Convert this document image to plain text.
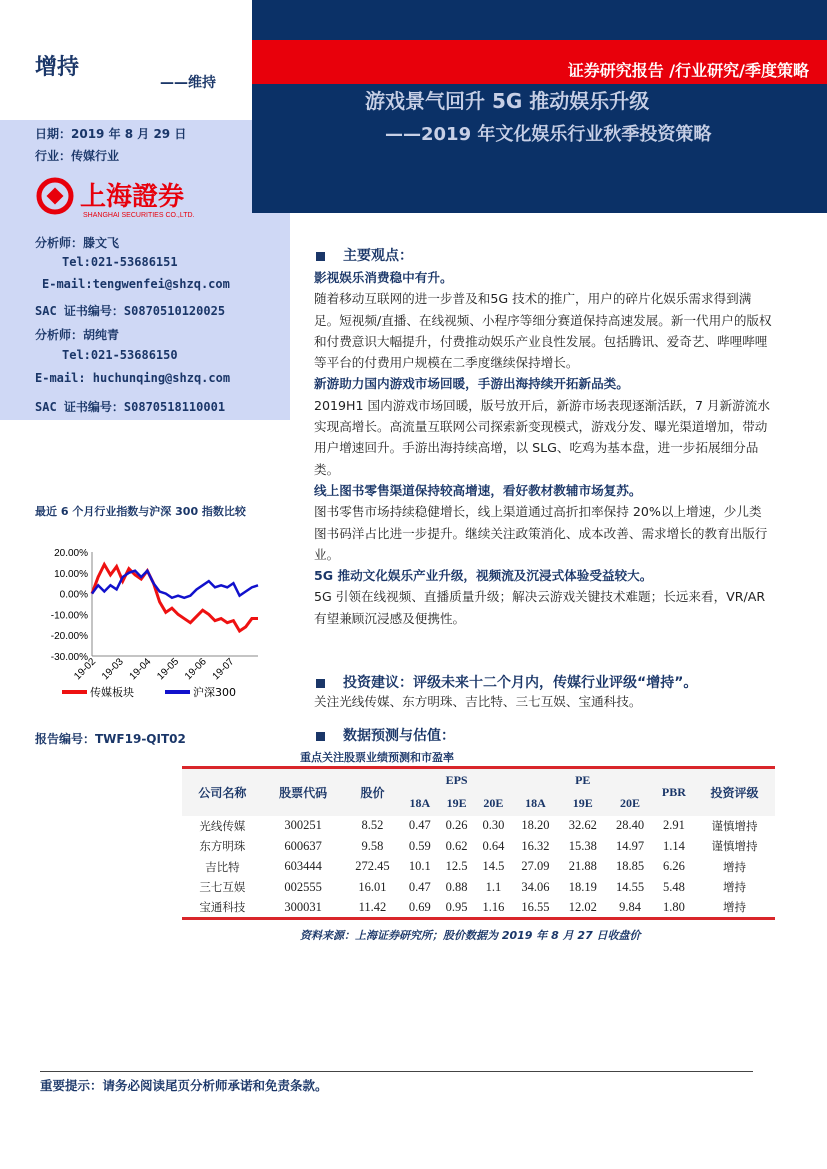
增持
——维持
证券研究报告 /行业研究/季度策略
游戏景气回升 5G 推动娱乐升级
——2019 年文化娱乐行业秋季投资策略
日期：2019 年 8 月 29 日
行业：传媒行业
上海證券
SHANGHAI SECURITIES CO.,LTD.
分析师：滕文飞
Tel:021-53686151
E-mail:tengwenfei@shzq.com
SAC 证书编号：S0870510120025
分析师：胡纯青
Tel:021-53686150
E-mail: huchunqing@shzq.com
SAC 证书编号：S0870518110001
最近 6 个月行业指数与沪深 300 指数比较
20.00%
10.00%
0.00%
-10.00%
-20.00%
-30.00%
19-02 19-03 19-04 19-05 19-06 19-07
传媒板块	沪深300
报告编号：TWF19-QIT02
主要观点：
影视娱乐消费稳中有升。
随着移动互联网的进一步普及和5G 技术的推广，用户的碎片化娱乐需求得到满足。短视频/直播、在线视频、小程序等细分赛道保持高速发展。新一代用户的版权和付费意识大幅提升，付费推动娱乐产业良性发展。包括腾讯、爱奇艺、哔哩哔哩等平台的付费用户规模在二季度继续保持增长。
新游助力国内游戏市场回暖，手游出海持续开拓新品类。
2019H1 国内游戏市场回暖，版号放开后，新游市场表现逐渐活跃，7 月新游流水实现高增长。高流量互联网公司探索新变现模式，游戏分发、曝光渠道增加，带动用户增速回升。手游出海持续高增，以 SLG、吃鸡为基本盘，进一步拓展细分品类。
线上图书零售渠道保持较高增速，看好教材教辅市场复苏。
图书零售市场持续稳健增长，线上渠道通过高折扣率保持 20%以上增速，少儿类图书码洋占比进一步提升。继续关注政策消化、成本改善、需求增长的教育出版行业。
5G 推动文化娱乐产业升级，视频流及沉浸式体验受益较大。
5G 引领在线视频、直播质量升级；解决云游戏关键技术难题；长远来看，VR/AR 有望兼顾沉浸感及便携性。
投资建议：评级未来十二个月内，传媒行业评级“增持”。
关注光线传媒、东方明珠、吉比特、三七互娱、宝通科技。
数据预测与估值：
重点关注股票业绩预测和市盈率
公司名称	股票代码	股价	EPS			PE			PBR	投资评级
			18A	19E	20E	18A	19E	20E		
光线传媒	300251	8.52	0.47	0.26	0.30	18.20	32.62	28.40	2.91	谨慎增持
东方明珠	600637	9.58	0.59	0.62	0.64	16.32	15.38	14.97	1.14	谨慎增持
吉比特	603444	272.45	10.1	12.5	14.5	27.09	21.88	18.85	6.26	增持
三七互娱	002555	16.01	0.47	0.88	1.1	34.06	18.19	14.55	5.48	增持
宝通科技	300031	11.42	0.69	0.95	1.16	16.55	12.02	9.84	1.80	增持
资料来源：上海证券研究所；股价数据为 2019 年 8 月 27 日收盘价
重要提示：请务必阅读尾页分析师承诺和免责条款。
